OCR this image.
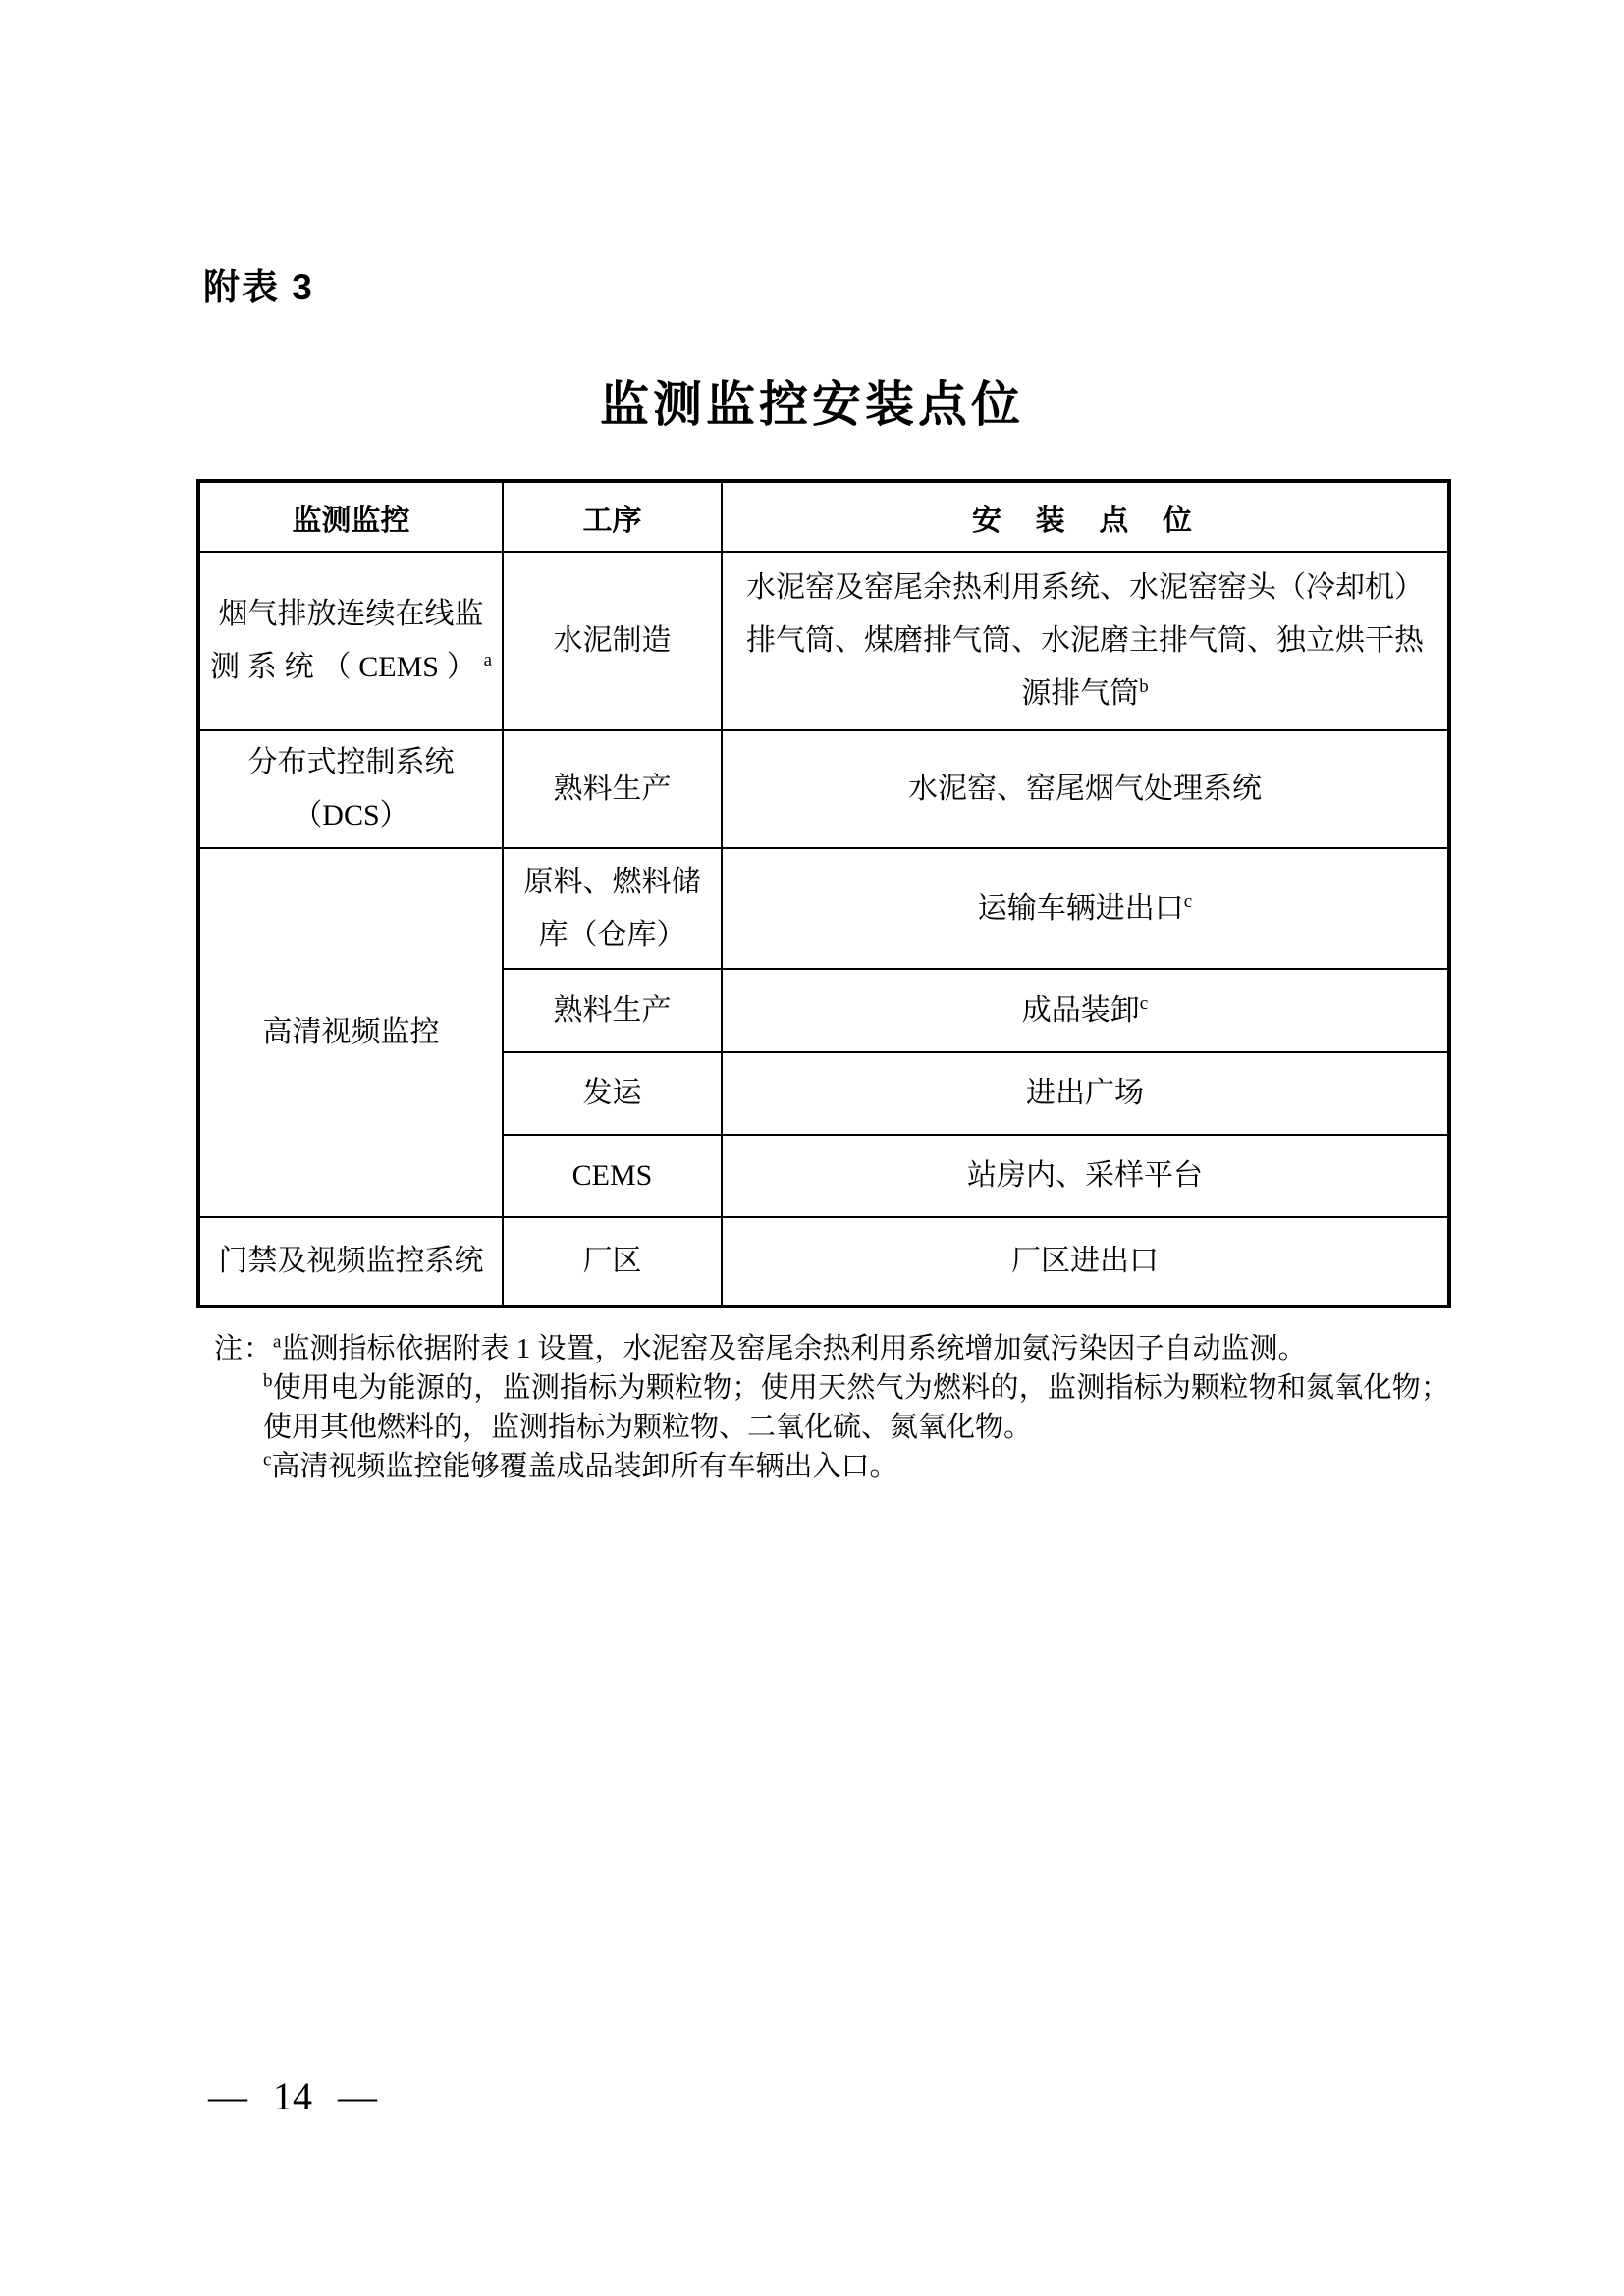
附表 3
监测监控安装点位
监测监控	工序	安  装  点  位
烟气排放连续在线监测系统（CEMS）$^a$	水泥制造	水泥窑及窑尾余热利用系统、水泥窑窑头（冷却机）排气筒、煤磨排气筒、水泥磨主排气筒、独立烘干热源排气筒$^b$
分布式控制系统（DCS）	熟料生产	水泥窑、窑尾烟气处理系统
高清视频监控	原料、燃料储库（仓库）	运输车辆进出口$^c$
	熟料生产	成品装卸$^c$
	发运	进出广场
	CEMS	站房内、采样平台
门禁及视频监控系统	厂区	厂区进出口
注：$^a$监测指标依据附表 1 设置，水泥窑及窑尾余热利用系统增加氨污染因子自动监测。
$^b$使用电为能源的，监测指标为颗粒物；使用天然气为燃料的，监测指标为颗粒物和氮氧化物；使用其他燃料的，监测指标为颗粒物、二氧化硫、氮氧化物。
$^c$高清视频监控能够覆盖成品装卸所有车辆出入口。
— 14 —
